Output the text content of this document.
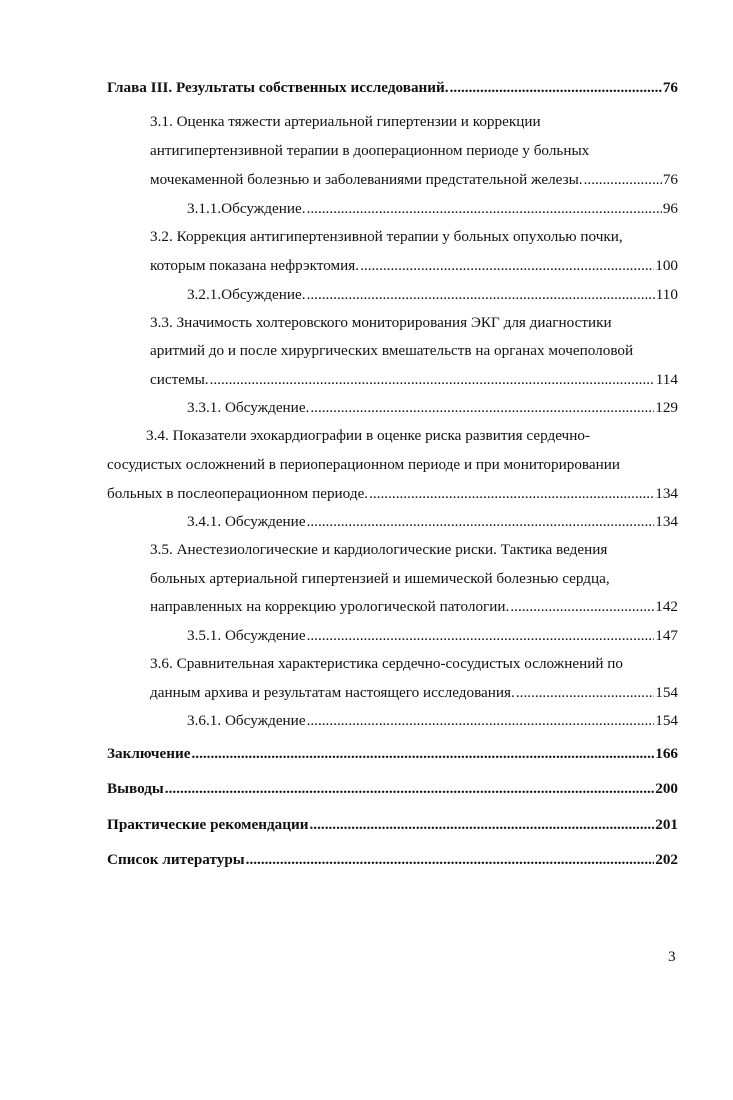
Глава III. Результаты собственных исследований. .....	76
3.1. Оценка тяжести артериальной гипертензии и коррекции
антигипертензивной терапии в дооперационном периоде у больных
мочекаменной болезнью и заболеваниями предстательной железы. .....	76
3.1.1.Обсуждение. .....	96
3.2. Коррекция антигипертензивной терапии у больных опухолью почки,
которым показана нефрэктомия. .....	100
3.2.1.Обсуждение. .....	110
3.3. Значимость холтеровского мониторирования ЭКГ для диагностики
аритмий до и после хирургических вмешательств на органах мочеполовой
системы. .....	114
3.3.1. Обсуждение. .....	129
3.4. Показатели эхокардиографии в оценке риска развития сердечно-
сосудистых осложнений в периоперационном периоде и при мониторировании
больных в послеоперационном периоде. .....	134
3.4.1. Обсуждение .....	134
3.5. Анестезиологические и кардиологические риски. Тактика ведения
больных артериальной гипертензией и ишемической болезнью сердца,
направленных на коррекцию урологической патологии. .....	142
3.5.1. Обсуждение .....	147
3.6. Сравнительная характеристика сердечно-сосудистых осложнений по
данным архива и результатам настоящего исследования. .....	154
3.6.1. Обсуждение .....	154
Заключение .....	166
Выводы .....	200
Практические рекомендации .....	201
Список литературы .....	202
3
